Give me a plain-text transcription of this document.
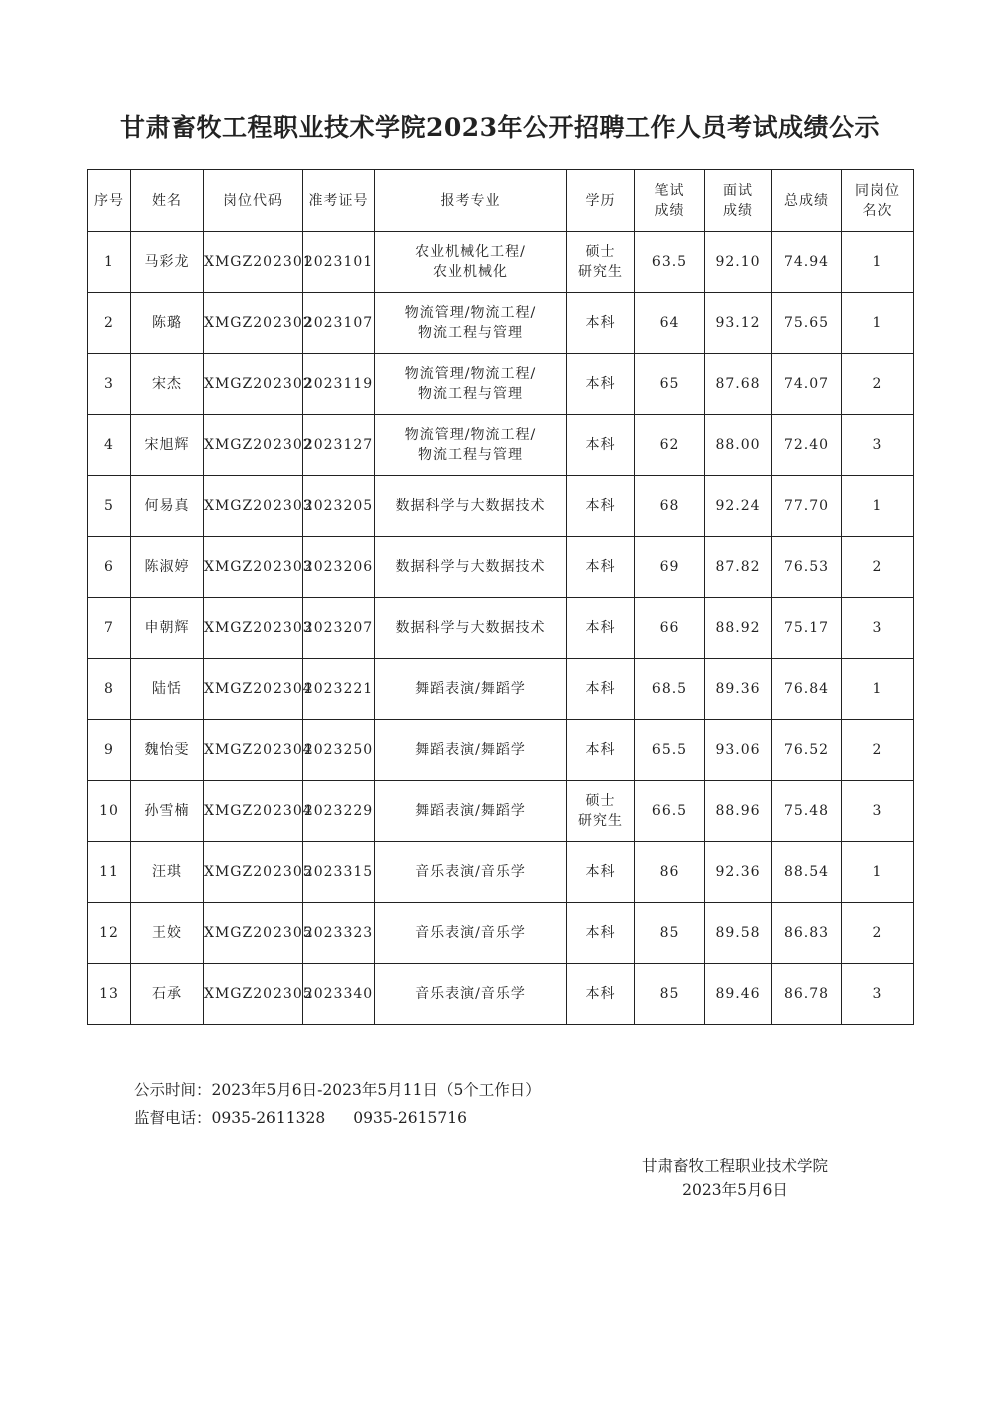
甘肃畜牧工程职业技术学院2023年公开招聘工作人员考试成绩公示
序号	姓名	岗位代码	准考证号	报考专业	学历	笔试
成绩	面试
成绩	总成绩	同岗位
名次

1	马彩龙	XMGZ202301	2023101	农业机械化工程/
农业机械化	硕士
研究生	63.5	92.10	74.94	1
2	陈璐	XMGZ202302	2023107	物流管理/物流工程/
物流工程与管理	本科	64	93.12	75.65	1
3	宋杰	XMGZ202302	2023119	物流管理/物流工程/
物流工程与管理	本科	65	87.68	74.07	2
4	宋旭辉	XMGZ202302	2023127	物流管理/物流工程/
物流工程与管理	本科	62	88.00	72.40	3
5	何易真	XMGZ202303	2023205	数据科学与大数据技术	本科	68	92.24	77.70	1
6	陈淑婷	XMGZ202303	2023206	数据科学与大数据技术	本科	69	87.82	76.53	2
7	申朝辉	XMGZ202303	2023207	数据科学与大数据技术	本科	66	88.92	75.17	3
8	陆恬	XMGZ202304	2023221	舞蹈表演/舞蹈学	本科	68.5	89.36	76.84	1
9	魏怡雯	XMGZ202304	2023250	舞蹈表演/舞蹈学	本科	65.5	93.06	76.52	2
10	孙雪楠	XMGZ202304	2023229	舞蹈表演/舞蹈学	硕士
研究生	66.5	88.96	75.48	3
11	汪琪	XMGZ202305	2023315	音乐表演/音乐学	本科	86	92.36	88.54	1
12	王姣	XMGZ202305	2023323	音乐表演/音乐学	本科	85	89.58	86.83	2
13	石承	XMGZ202305	2023340	音乐表演/音乐学	本科	85	89.46	86.78	3
公示时间：2023年5月6日-2023年5月11日（5个工作日）
监督电话：0935-2611328 0935-2615716
甘肃畜牧工程职业技术学院
2023年5月6日
